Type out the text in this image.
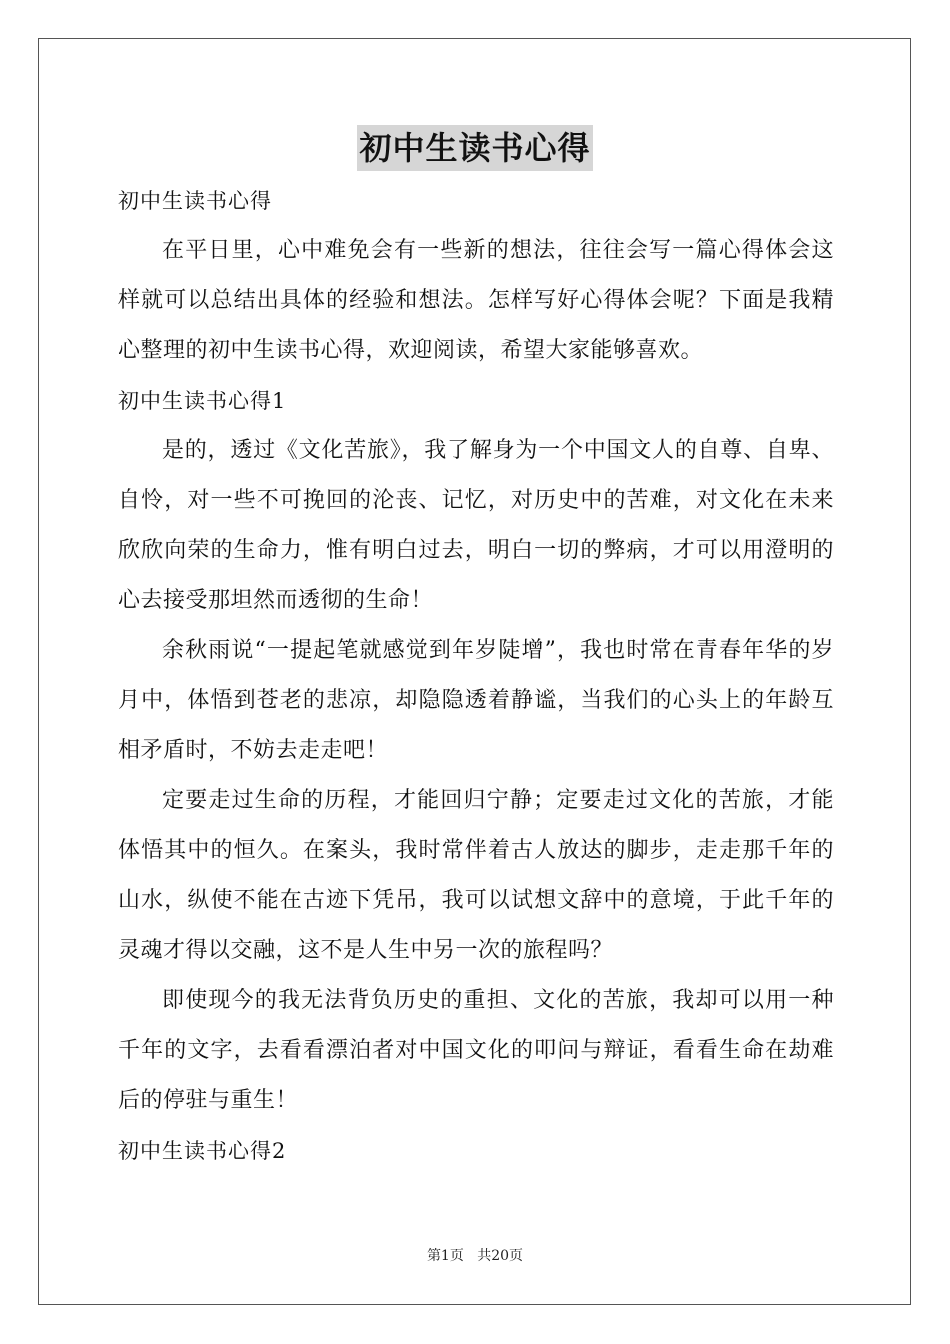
初中生读书心得

初中生读书心得

在平日里，心中难免会有一些新的想法，往往会写一篇心得体会这样就可以总结出具体的经验和想法。怎样写好心得体会呢？下面是我精心整理的初中生读书心得，欢迎阅读，希望大家能够喜欢。

初中生读书心得1

是的，透过《文化苦旅》，我了解身为一个中国文人的自尊、自卑、自怜，对一些不可挽回的沦丧、记忆，对历史中的苦难，对文化在未来欣欣向荣的生命力，惟有明白过去，明白一切的弊病，才可以用澄明的心去接受那坦然而透彻的生命！

余秋雨说“一提起笔就感觉到年岁陡增”，我也时常在青春年华的岁月中，体悟到苍老的悲凉，却隐隐透着静谧，当我们的心头上的年龄互相矛盾时，不妨去走走吧！

定要走过生命的历程，才能回归宁静；定要走过文化的苦旅，才能体悟其中的恒久。在案头，我时常伴着古人放达的脚步，走走那千年的山水，纵使不能在古迹下凭吊，我可以试想文辞中的意境，于此千年的灵魂才得以交融，这不是人生中另一次的旅程吗？

即使现今的我无法背负历史的重担、文化的苦旅，我却可以用一种千年的文字，去看看漂泊者对中国文化的叩问与辩证，看看生命在劫难后的停驻与重生！

初中生读书心得2

第1页 共20页
